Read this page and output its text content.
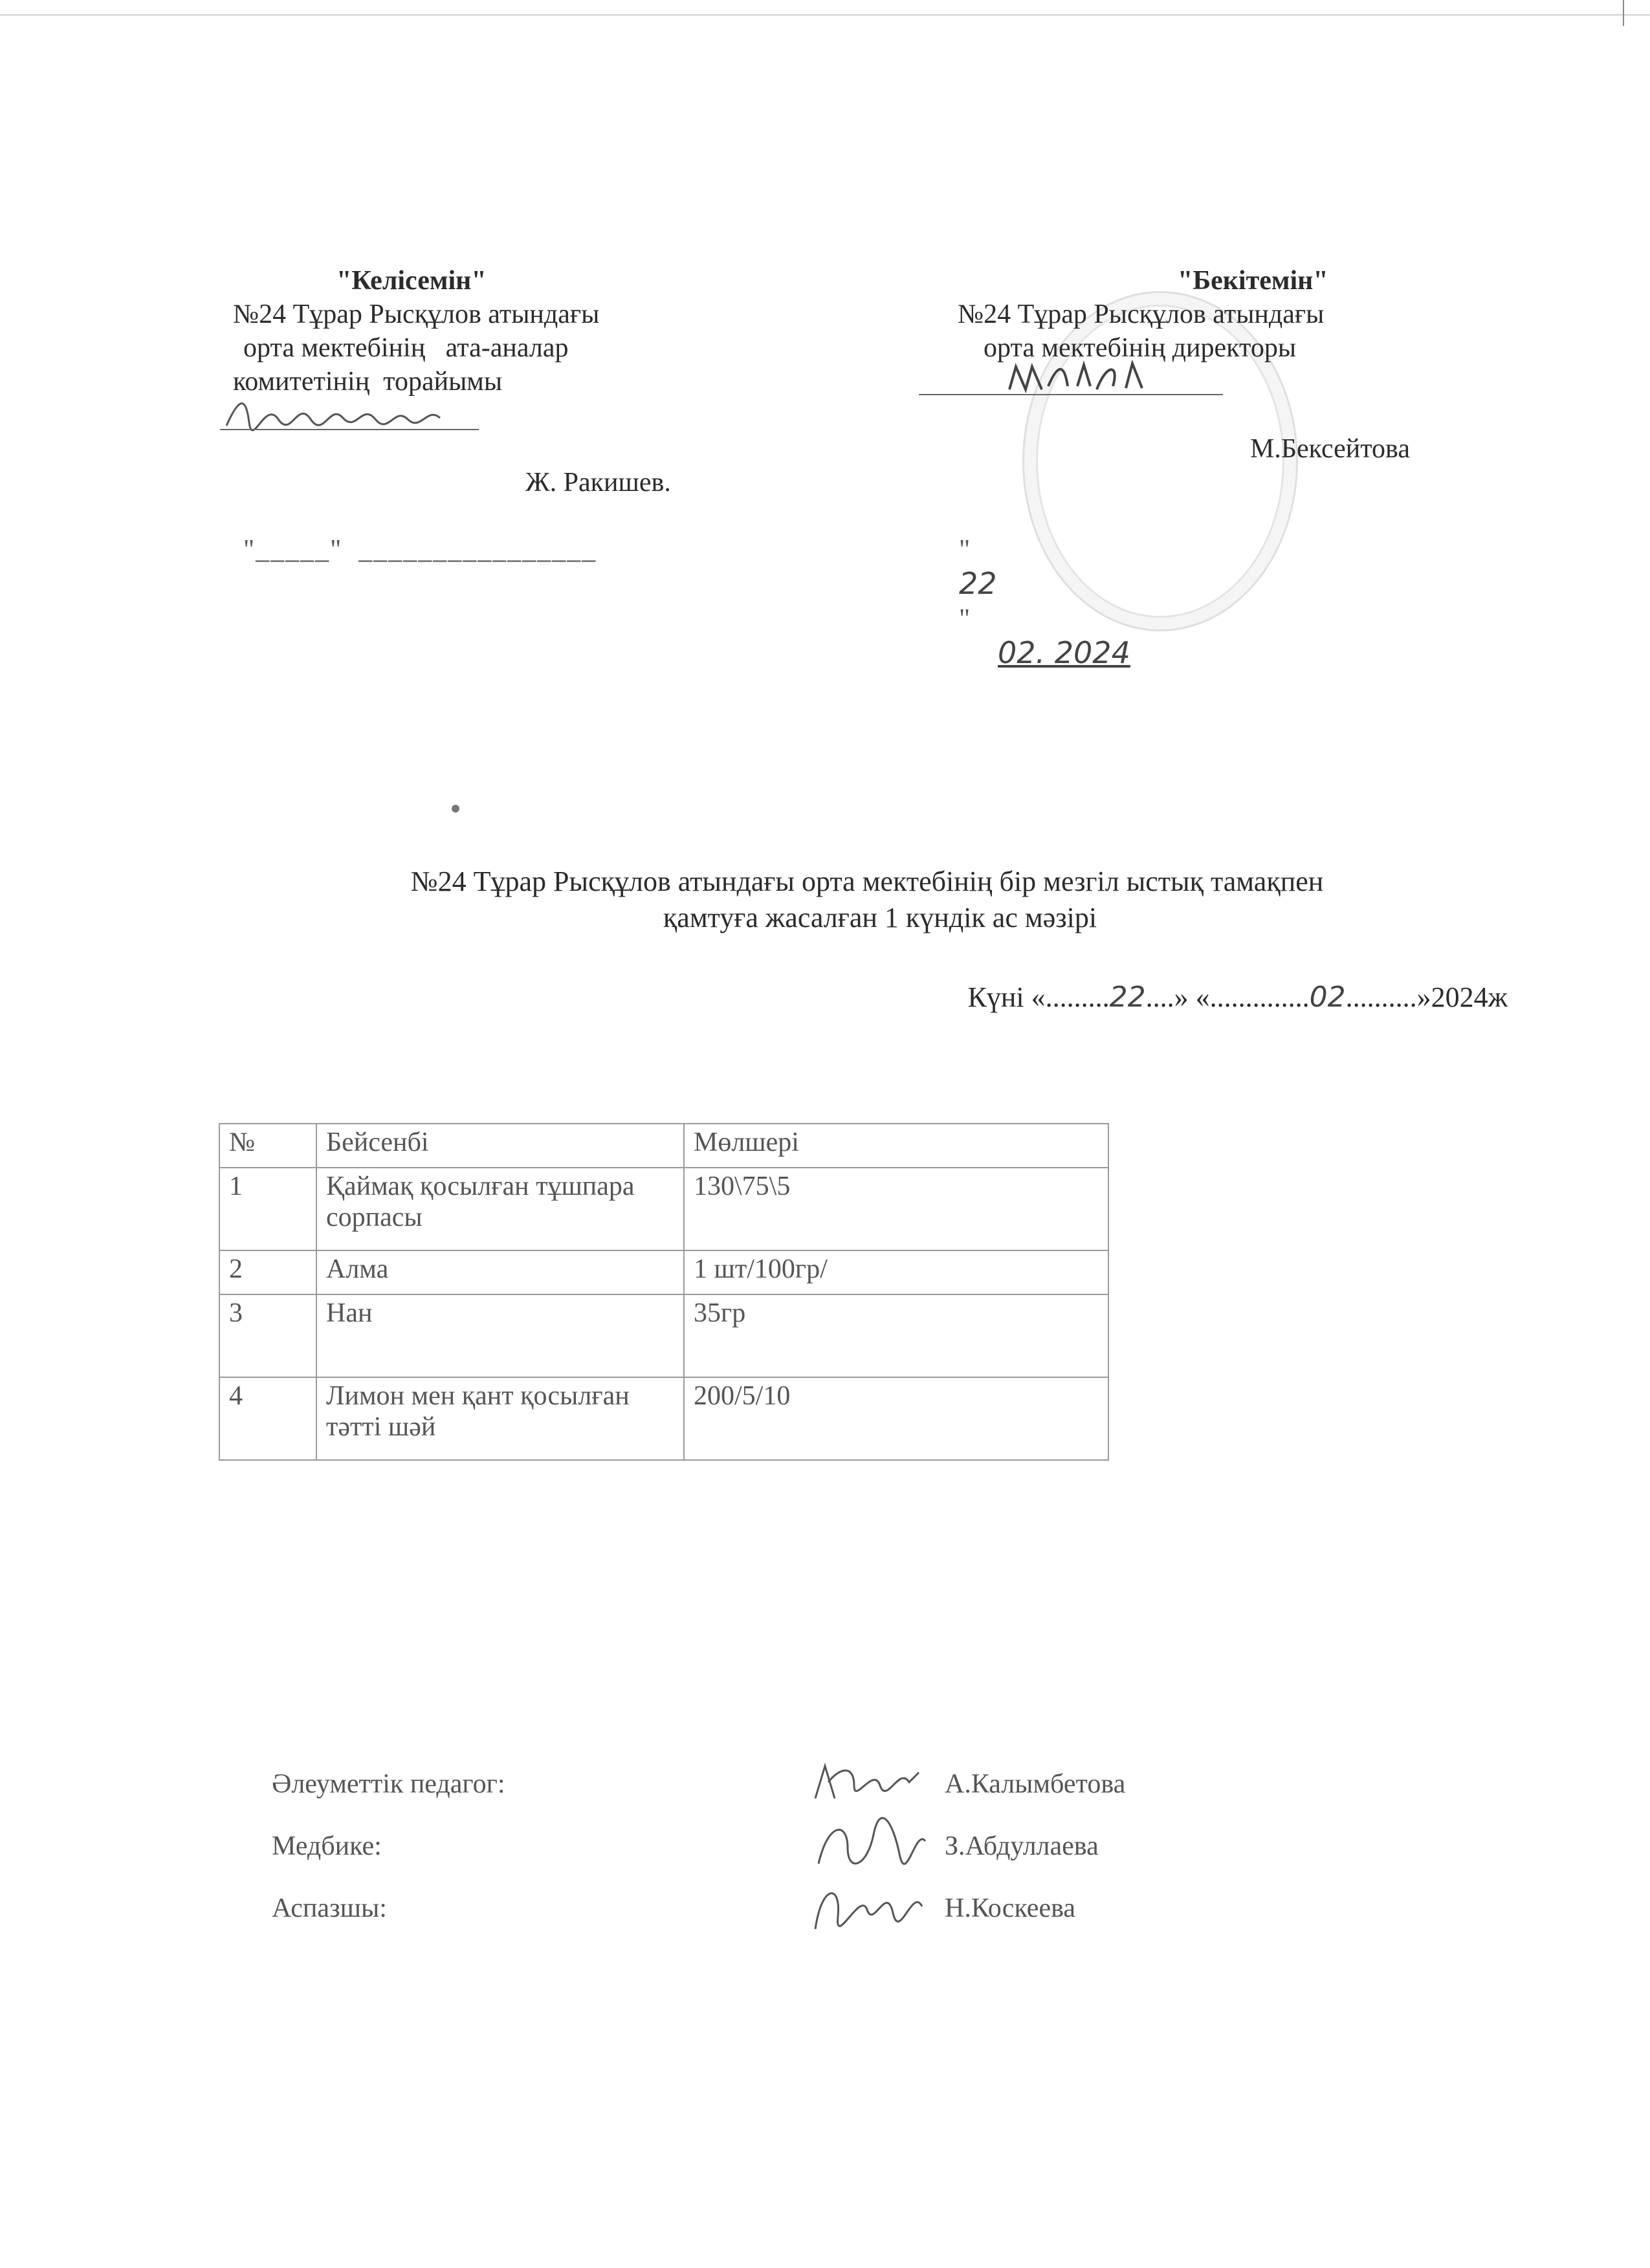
"Келісемін"
№24 Тұрар Рысқұлов атындағы
орта мектебінің   ата-аналар
комитетінің  торайымы

Ж. Ракишев.

"_____"  ________________
"Бекітемін"
№24 Тұрар Рысқұлов атындағы
орта мектебінің директоры

М.Бексейтова

"
22
"
02. 2024

№24 Тұрар Рысқұлов атындағы орта мектебінің бір мезгіл ыстық тамақпен
қамтуға жасалған 1 күндік ас мәзірі
Күні «.........22....» «..............02..........»2024ж
№	Бейсенбі	Мөлшері
1	Қаймақ қосылған тұшпара сорпасы	130\75\5
2	Алма	1 шт/100гр/
3	Нан	35гр
4	Лимон мен қант қосылған тәтті шәй	200/5/10
Әлеуметтік педагог:	А.Калымбетова
Медбике:	З.Абдуллаева
Аспазшы:	Н.Коскеева
